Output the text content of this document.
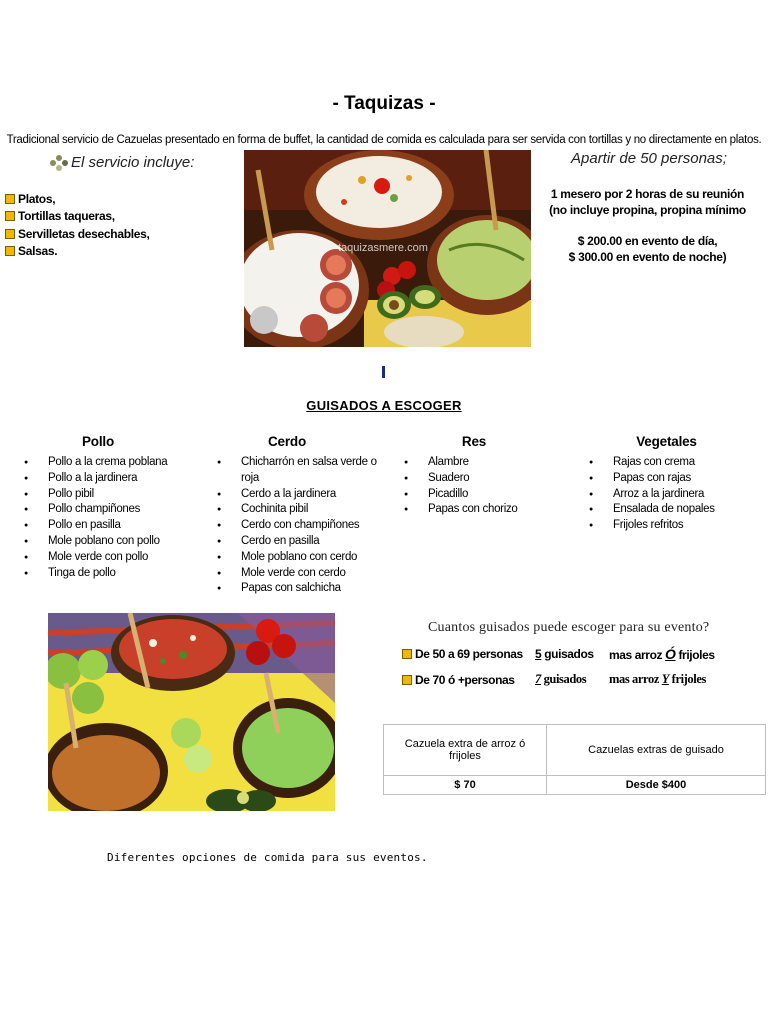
- Taquizas -
Tradicional servicio de Cazuelas presentado en forma de buffet, la cantidad de comida es calculada para ser servida con tortillas y no directamente en platos.
El servicio incluye:
Platos,
Tortillas taqueras,
Servilletas desechables,
Salsas.	taquizasmere.com
Apartir de 50 personas;

1 mesero por 2 horas de su reunión

(no incluye propina, propina mínimo

$ 200.00 en evento de día,

$ 300.00 en evento de noche)

GUISADOS A ESCOGER
Pollo
● Pollo a la crema poblana
● Pollo a la jardinera
● Pollo pibil
● Pollo champiñones
● Pollo en pasilla
● Mole poblano con pollo
● Mole verde con pollo
● Tinga de pollo
Cerdo
● Chicharrón en salsa verde o roja
● Cerdo a la jardinera
● Cochinita pibil
● Cerdo con champiñones
● Cerdo en pasilla
● Mole poblano con cerdo
● Mole verde con cerdo
● Papas con salchicha
Res
● Alambre
● Suadero
● Picadillo
● Papas con chorizo
Vegetales
● Rajas con crema
● Papas con rajas
● Arroz a la jardinera
● Ensalada de nopales
● Frijoles refritos
Cuantos guisados puede escoger para su evento?
De 50 a 69 personas 5 guisados	mas arroz Ó frijoles
De 70 ó +personas 7 guisados	mas arroz Y frijoles
Cazuela extra de arroz ó frijoles	Cazuelas extras de guisado
$ 70	Desde $400
Diferentes opciones de comida para sus eventos.
